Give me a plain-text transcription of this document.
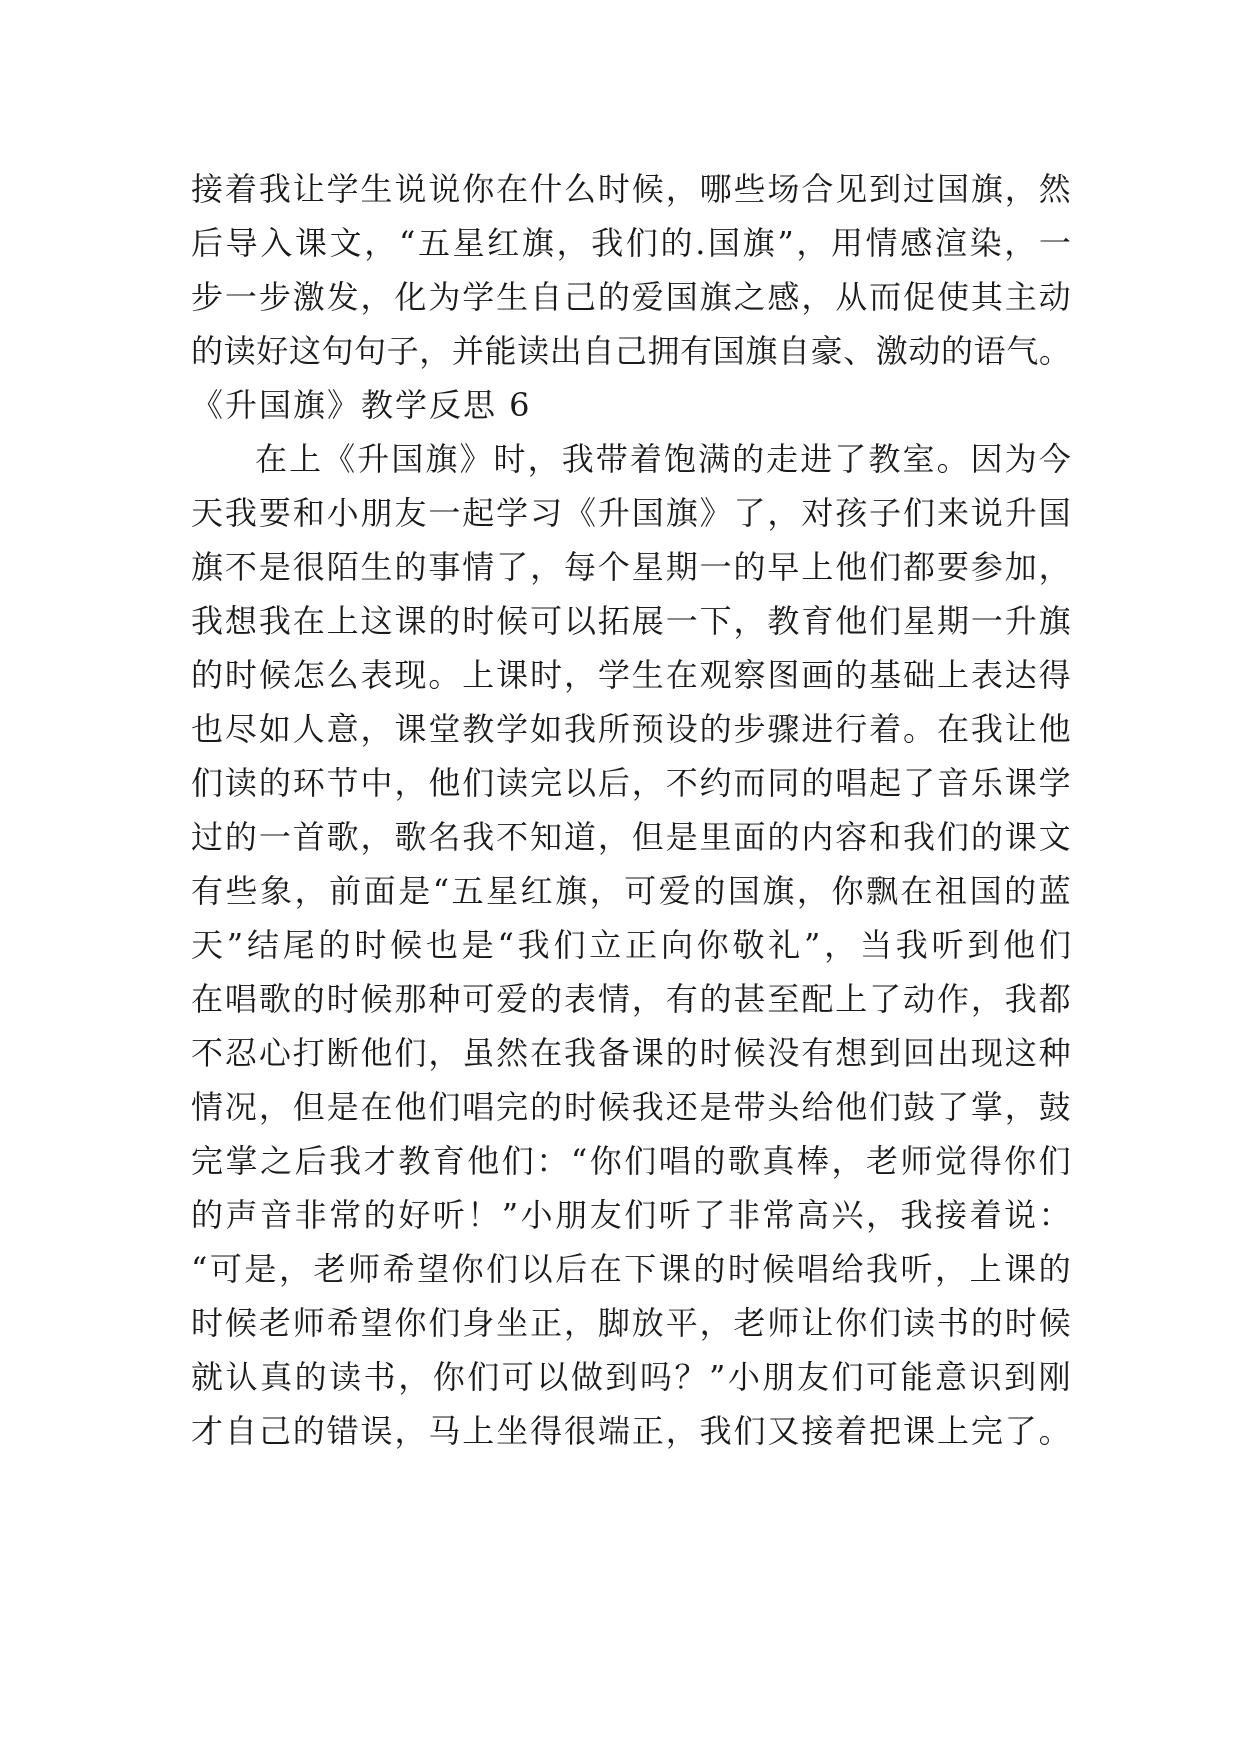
接 着 我 让 学 生 说 说 你 在 什 么 时 候 ， 哪 些 场 合 见 到 过 国 旗 ， 然
后 导 入 课 文 ， “ 五 星 红 旗 ， 我 们 的 . 国 旗 ” ， 用 情 感 渲 染 ， 一
步 一 步 激 发 ， 化 为 学 生 自 己 的 爱 国 旗 之 感 ， 从 而 促 使 其 主 动
的 读 好 这 句 句 子 ， 并 能 读 出 自 己 拥 有 国 旗 自 豪 、 激 动 的 语 气 。
《升国旗》教学反思 6
在 上 《 升 国 旗 》 时 ， 我 带 着 饱 满 的 走 进 了 教 室 。 因 为 今
天 我 要 和 小 朋 友 一 起 学 习 《 升 国 旗 》 了 ， 对 孩 子 们 来 说 升 国
旗 不 是 很 陌 生 的 事 情 了 ， 每 个 星 期 一 的 早 上 他 们 都 要 参 加 ，
我 想 我 在 上 这 课 的 时 候 可 以 拓 展 一 下 ， 教 育 他 们 星 期 一 升 旗
的 时 候 怎 么 表 现 。 上 课 时 ， 学 生 在 观 察 图 画 的 基 础 上 表 达 得
也 尽 如 人 意 ， 课 堂 教 学 如 我 所 预 设 的 步 骤 进 行 着 。 在 我 让 他
们 读 的 环 节 中 ， 他 们 读 完 以 后 ， 不 约 而 同 的 唱 起 了 音 乐 课 学
过 的 一 首 歌 ， 歌 名 我 不 知 道 ， 但 是 里 面 的 内 容 和 我 们 的 课 文
有 些 象 ， 前 面 是 “ 五 星 红 旗 ， 可 爱 的 国 旗 ， 你 飘 在 祖 国 的 蓝
天 ” 结 尾 的 时 候 也 是 “ 我 们 立 正 向 你 敬 礼 ” ， 当 我 听 到 他 们
在 唱 歌 的 时 候 那 种 可 爱 的 表 情 ， 有 的 甚 至 配 上 了 动 作 ， 我 都
不 忍 心 打 断 他 们 ， 虽 然 在 我 备 课 的 时 候 没 有 想 到 回 出 现 这 种
情 况 ， 但 是 在 他 们 唱 完 的 时 候 我 还 是 带 头 给 他 们 鼓 了 掌 ， 鼓
完 掌 之 后 我 才 教 育 他 们 ： “ 你 们 唱 的 歌 真 棒 ， 老 师 觉 得 你 们
的 声 音 非 常 的 好 听 ！ ” 小 朋 友 们 听 了 非 常 高 兴 ， 我 接 着 说 ：
“ 可 是 ， 老 师 希 望 你 们 以 后 在 下 课 的 时 候 唱 给 我 听 ， 上 课 的
时 候 老 师 希 望 你 们 身 坐 正 ， 脚 放 平 ， 老 师 让 你 们 读 书 的 时 候
就 认 真 的 读 书 ， 你 们 可 以 做 到 吗 ？ ” 小 朋 友 们 可 能 意 识 到 刚
才 自 己 的 错 误 ， 马 上 坐 得 很 端 正 ， 我 们 又 接 着 把 课 上 完 了 。
